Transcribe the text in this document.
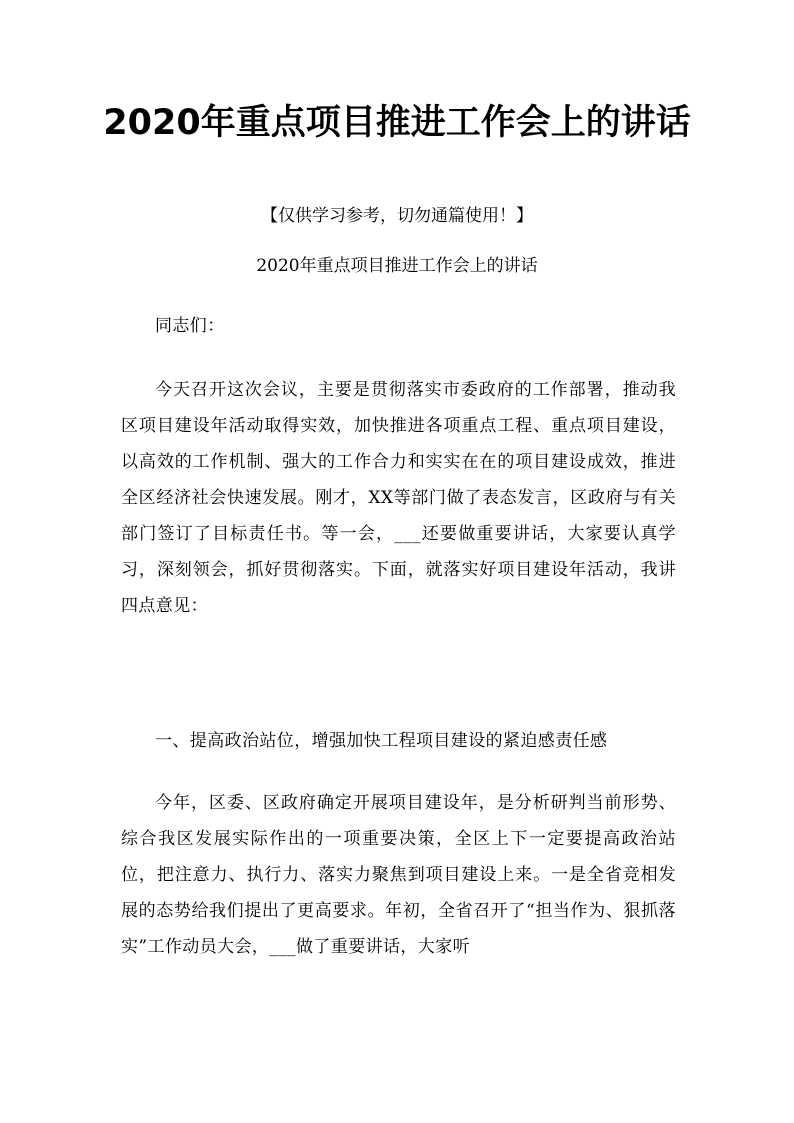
2020年重点项目推进工作会上的讲话

【仅供学习参考，切勿通篇使用！】

2020年重点项目推进工作会上的讲话

同志们：

今天召开这次会议，主要是贯彻落实市委政府的工作部署，推动我区项目建设年活动取得实效，加快推进各项重点工程、重点项目建设，以高效的工作机制、强大的工作合力和实实在在的项目建设成效，推进全区经济社会快速发展。刚才，XX等部门做了表态发言，区政府与有关部门签订了目标责任书。等一会，___还要做重要讲话，大家要认真学习，深刻领会，抓好贯彻落实。下面，就落实好项目建设年活动，我讲四点意见：

一、提高政治站位，增强加快工程项目建设的紧迫感责任感

今年，区委、区政府确定开展项目建设年，是分析研判当前形势、综合我区发展实际作出的一项重要决策，全区上下一定要提高政治站位，把注意力、执行力、落实力聚焦到项目建设上来。一是全省竞相发展的态势给我们提出了更高要求。年初，全省召开了“担当作为、狠抓落实”工作动员大会，___做了重要讲话，大家听
